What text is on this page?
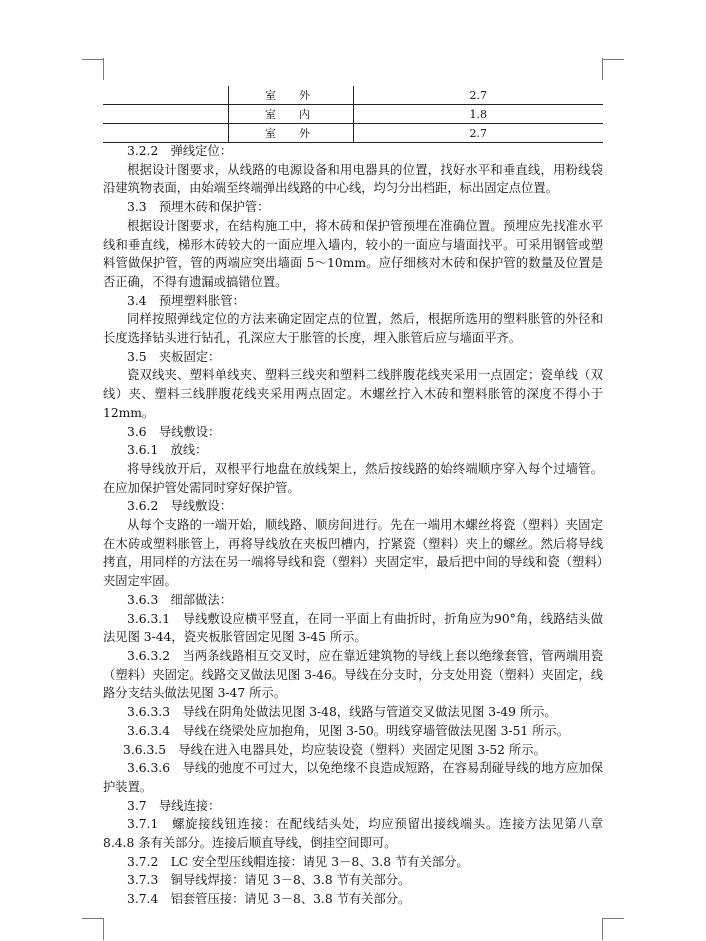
	室　外	2.7
	室　内	1.8
	室　外	2.7

3.2.2　弹线定位：

根据设计图要求，从线路的电源设备和用电器具的位置，找好水平和垂直线，用粉线袋沿建筑物表面，由始端至终端弹出线路的中心线，均匀分出档距，标出固定点位置。

3.3　预埋木砖和保护管：

根据设计图要求，在结构施工中，将木砖和保护管预埋在准确位置。预埋应先找准水平线和垂直线，梯形木砖较大的一面应埋入墙内，较小的一面应与墙面找平。可采用钢管或塑料管做保护管，管的两端应突出墙面 5～10mm。应仔细核对木砖和保护管的数量及位置是否正确，不得有遗漏或搞错位置。

3.4　预埋塑料胀管：

同样按照弹线定位的方法来确定固定点的位置，然后，根据所选用的塑料胀管的外径和长度选择钻头进行钻孔，孔深应大于胀管的长度，埋入胀管后应与墙面平齐。

3.5　夹板固定：

瓷双线夹、塑料单线夹、塑料三线夹和塑料二线胖腹花线夹采用一点固定；瓷单线（双线）夹、塑料三线胖腹花线夹采用两点固定。木螺丝拧入木砖和塑料胀管的深度不得小于12mm。

3.6　导线敷设：

3.6.1　放线：

将导线放开后，双根平行地盘在放线架上，然后按线路的始终端顺序穿入每个过墙管。在应加保护管处需同时穿好保护管。

3.6.2　导线敷设：

从每个支路的一端开始，顺线路、顺房间进行。先在一端用木螺丝将瓷（塑料）夹固定在木砖或塑料胀管上，再将导线放在夹板凹槽内，拧紧瓷（塑料）夹上的螺丝。然后将导线拷直，用同样的方法在另一端将导线和瓷（塑料）夹固定牢，最后把中间的导线和瓷（塑料）夹固定牢固。

3.6.3　细部做法：

3.6.3.1　导线敷设应横平竖直，在同一平面上有曲折时，折角应为90°角，线路结头做法见图 3-44，瓷夹板胀管固定见图 3-45 所示。

3.6.3.2　当两条线路相互交叉时，应在靠近建筑物的导线上套以绝缘套管，管两端用瓷（塑料）夹固定。线路交叉做法见图 3-46。导线在分支时，分支处用瓷（塑料）夹固定，线路分支结头做法见图 3-47 所示。

3.6.3.3　导线在阴角处做法见图 3-48，线路与管道交叉做法见图 3-49 所示。

3.6.3.4　导线在绕梁处应加抱角，见图 3-50。明线穿墙管做法见图 3-51 所示。

3.6.3.5　导线在进入电器具处，均应装设瓷（塑料）夹固定见图 3-52 所示。

3.6.3.6　导线的弛度不可过大，以免绝缘不良造成短路，在容易刮碰导线的地方应加保护装置。

3.7　导线连接：

3.7.1　螺旋接线钮连接：在配线结头处，均应预留出接线端头。连接方法见第八章 8.4.8 条有关部分。连接后顺直导线，倒挂空间即可。

3.7.2　LC 安全型压线帽连接：请见 3－8、3.8 节有关部分。

3.7.3　铜导线焊接：请见 3－8、3.8 节有关部分。

3.7.4　铝套管压接：请见 3－8、3.8 节有关部分。
